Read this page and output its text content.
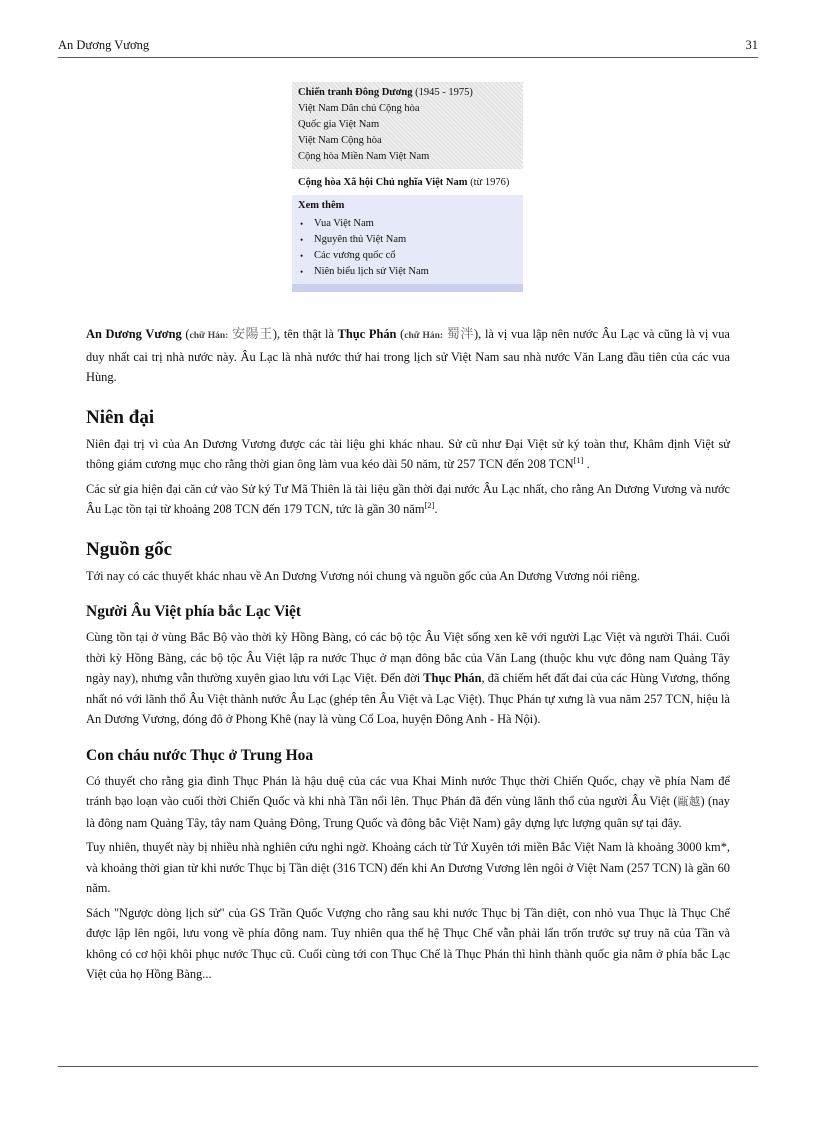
An Dương Vương	31
Chiến tranh Đông Dương (1945 - 1975)
Việt Nam Dân chủ Cộng hòa
Quốc gia Việt Nam
Việt Nam Cộng hòa
Cộng hòa Miền Nam Việt Nam
Cộng hòa Xã hội Chủ nghĩa Việt Nam (từ 1976)
Xem thêm
• Vua Việt Nam
• Nguyên thủ Việt Nam
• Các vương quốc cổ
• Niên biểu lịch sử Việt Nam

An Dương Vương (chữ Hán: 安陽王), tên thật là Thục Phán (chữ Hán: 蜀泮), là vị vua lập nên nước Âu Lạc và cũng là vị vua duy nhất cai trị nhà nước này. Âu Lạc là nhà nước thứ hai trong lịch sử Việt Nam sau nhà nước Văn Lang đầu tiên của các vua Hùng.

Niên đại

Niên đại trị vì của An Dương Vương được các tài liệu ghi khác nhau. Sử cũ như Đại Việt sử ký toàn thư, Khâm định Việt sử thông giám cương mục cho rằng thời gian ông làm vua kéo dài 50 năm, từ 257 TCN đến 208 TCN[1] .

Các sử gia hiện đại căn cứ vào Sử ký Tư Mã Thiên là tài liệu gần thời đại nước Âu Lạc nhất, cho rằng An Dương Vương và nước Âu Lạc tồn tại từ khoảng 208 TCN đến 179 TCN, tức là gần 30 năm[2].

Nguồn gốc

Tới nay có các thuyết khác nhau về An Dương Vương nói chung và nguồn gốc của An Dương Vương nói riêng.

Người Âu Việt phía bắc Lạc Việt

Cùng tồn tại ở vùng Bắc Bộ vào thời kỳ Hồng Bàng, có các bộ tộc Âu Việt sống xen kẽ với người Lạc Việt và người Thái. Cuối thời kỳ Hồng Bàng, các bộ tộc Âu Việt lập ra nước Thục ở mạn đông bắc của Văn Lang (thuộc khu vực đông nam Quảng Tây ngày nay), nhưng vẫn thường xuyên giao lưu với Lạc Việt. Đến đời Thục Phán, đã chiếm hết đất đai của các Hùng Vương, thống nhất nó với lãnh thổ Âu Việt thành nước Âu Lạc (ghép tên Âu Việt và Lạc Việt). Thục Phán tự xưng là vua năm 257 TCN, hiệu là An Dương Vương, đóng đô ở Phong Khê (nay là vùng Cổ Loa, huyện Đông Anh - Hà Nội).

Con cháu nước Thục ở Trung Hoa

Có thuyết cho rằng gia đình Thục Phán là hậu duệ của các vua Khai Minh nước Thục thời Chiến Quốc, chạy về phía Nam để tránh bạo loạn vào cuối thời Chiến Quốc và khi nhà Tần nổi lên. Thục Phán đã đến vùng lãnh thổ của người Âu Việt (甌越) (nay là đông nam Quảng Tây, tây nam Quảng Đông, Trung Quốc và đông bắc Việt Nam) gây dựng lực lượng quân sự tại đây.

Tuy nhiên, thuyết này bị nhiều nhà nghiên cứu nghi ngờ. Khoảng cách từ Tứ Xuyên tới miền Bắc Việt Nam là khoảng 3000 km*, và khoảng thời gian từ khi nước Thục bị Tần diệt (316 TCN) đến khi An Dương Vương lên ngôi ở Việt Nam (257 TCN) là gần 60 năm.

Sách "Ngược dòng lịch sử" của GS Trần Quốc Vượng cho rằng sau khi nước Thục bị Tần diệt, con nhỏ vua Thục là Thục Chế được lập lên ngôi, lưu vong về phía đông nam. Tuy nhiên qua thế hệ Thục Chế vẫn phải lẩn trốn trước sự truy nã của Tần và không có cơ hội khôi phục nước Thục cũ. Cuối cùng tới con Thục Chế là Thục Phán thì hình thành quốc gia nằm ở phía bắc Lạc Việt của họ Hồng Bàng...
